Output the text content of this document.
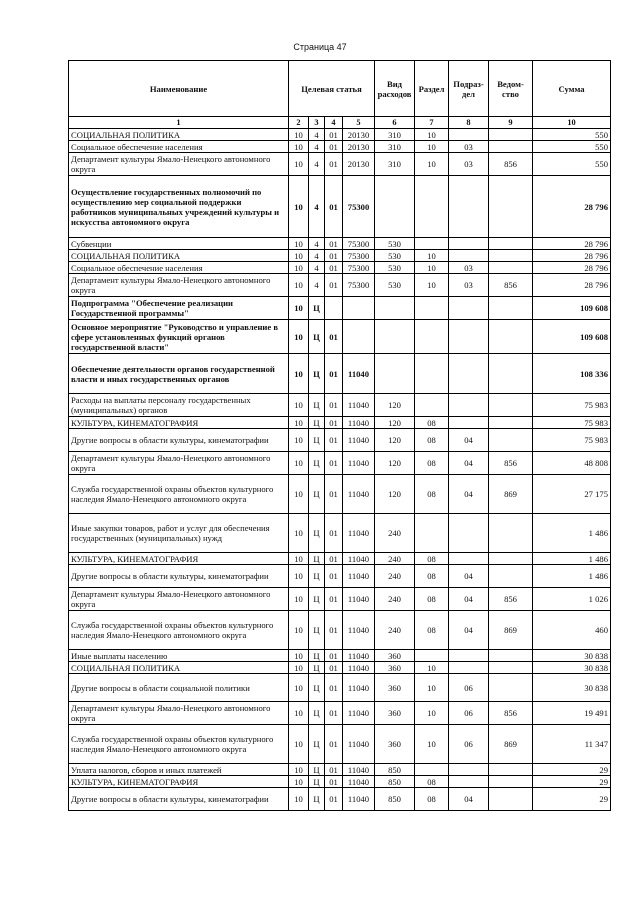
Страница 47
Наименование	Целевая статья				Вид расходов	Раздел	Подраз-дел	Ведом-ство	Сумма
1	2	3	4	5	6	7	8	9	10
СОЦИАЛЬНАЯ ПОЛИТИКА	10	4	01	20130	310	10			550
Социальное обеспечение населения	10	4	01	20130	310	10	03		550
Департамент культуры Ямало-Ненецкого автономного округа	10	4	01	20130	310	10	03	856	550
Осуществление государственных полномочий по осуществлению мер социальной поддержки работников муниципальных учреждений культуры и искусства автономного округа	10	4	01	75300					28 796
Субвенции	10	4	01	75300	530				28 796
СОЦИАЛЬНАЯ ПОЛИТИКА	10	4	01	75300	530	10			28 796
Социальное обеспечение населения	10	4	01	75300	530	10	03		28 796
Департамент культуры Ямало-Ненецкого автономного округа	10	4	01	75300	530	10	03	856	28 796
Подпрограмма "Обеспечение реализации Государственной программы"	10	Ц							109 608
Основное мероприятие "Руководство и управление в сфере установленных функций органов государственной власти"	10	Ц	01						109 608
Обеспечение деятельности органов государственной власти и иных государственных органов	10	Ц	01	11040					108 336
Расходы на выплаты персоналу государственных (муниципальных) органов	10	Ц	01	11040	120				75 983
КУЛЬТУРА, КИНЕМАТОГРАФИЯ	10	Ц	01	11040	120	08			75 983
Другие вопросы в области культуры, кинематографии	10	Ц	01	11040	120	08	04		75 983
Департамент культуры Ямало-Ненецкого автономного округа	10	Ц	01	11040	120	08	04	856	48 808
Служба государственной охраны объектов культурного наследия Ямало-Ненецкого автономного округа	10	Ц	01	11040	120	08	04	869	27 175
Иные закупки товаров, работ и услуг для обеспечения государственных (муниципальных) нужд	10	Ц	01	11040	240				1 486
КУЛЬТУРА, КИНЕМАТОГРАФИЯ	10	Ц	01	11040	240	08			1 486
Другие вопросы в области культуры, кинематографии	10	Ц	01	11040	240	08	04		1 486
Департамент культуры Ямало-Ненецкого автономного округа	10	Ц	01	11040	240	08	04	856	1 026
Служба государственной охраны объектов культурного наследия Ямало-Ненецкого автономного округа	10	Ц	01	11040	240	08	04	869	460
Иные выплаты населению	10	Ц	01	11040	360				30 838
СОЦИАЛЬНАЯ ПОЛИТИКА	10	Ц	01	11040	360	10			30 838
Другие вопросы в области социальной политики	10	Ц	01	11040	360	10	06		30 838
Департамент культуры Ямало-Ненецкого автономного округа	10	Ц	01	11040	360	10	06	856	19 491
Служба государственной охраны объектов культурного наследия Ямало-Ненецкого автономного округа	10	Ц	01	11040	360	10	06	869	11 347
Уплата налогов, сборов и иных платежей	10	Ц	01	11040	850				29
КУЛЬТУРА, КИНЕМАТОГРАФИЯ	10	Ц	01	11040	850	08			29
Другие вопросы в области культуры, кинематографии	10	Ц	01	11040	850	08	04		29
